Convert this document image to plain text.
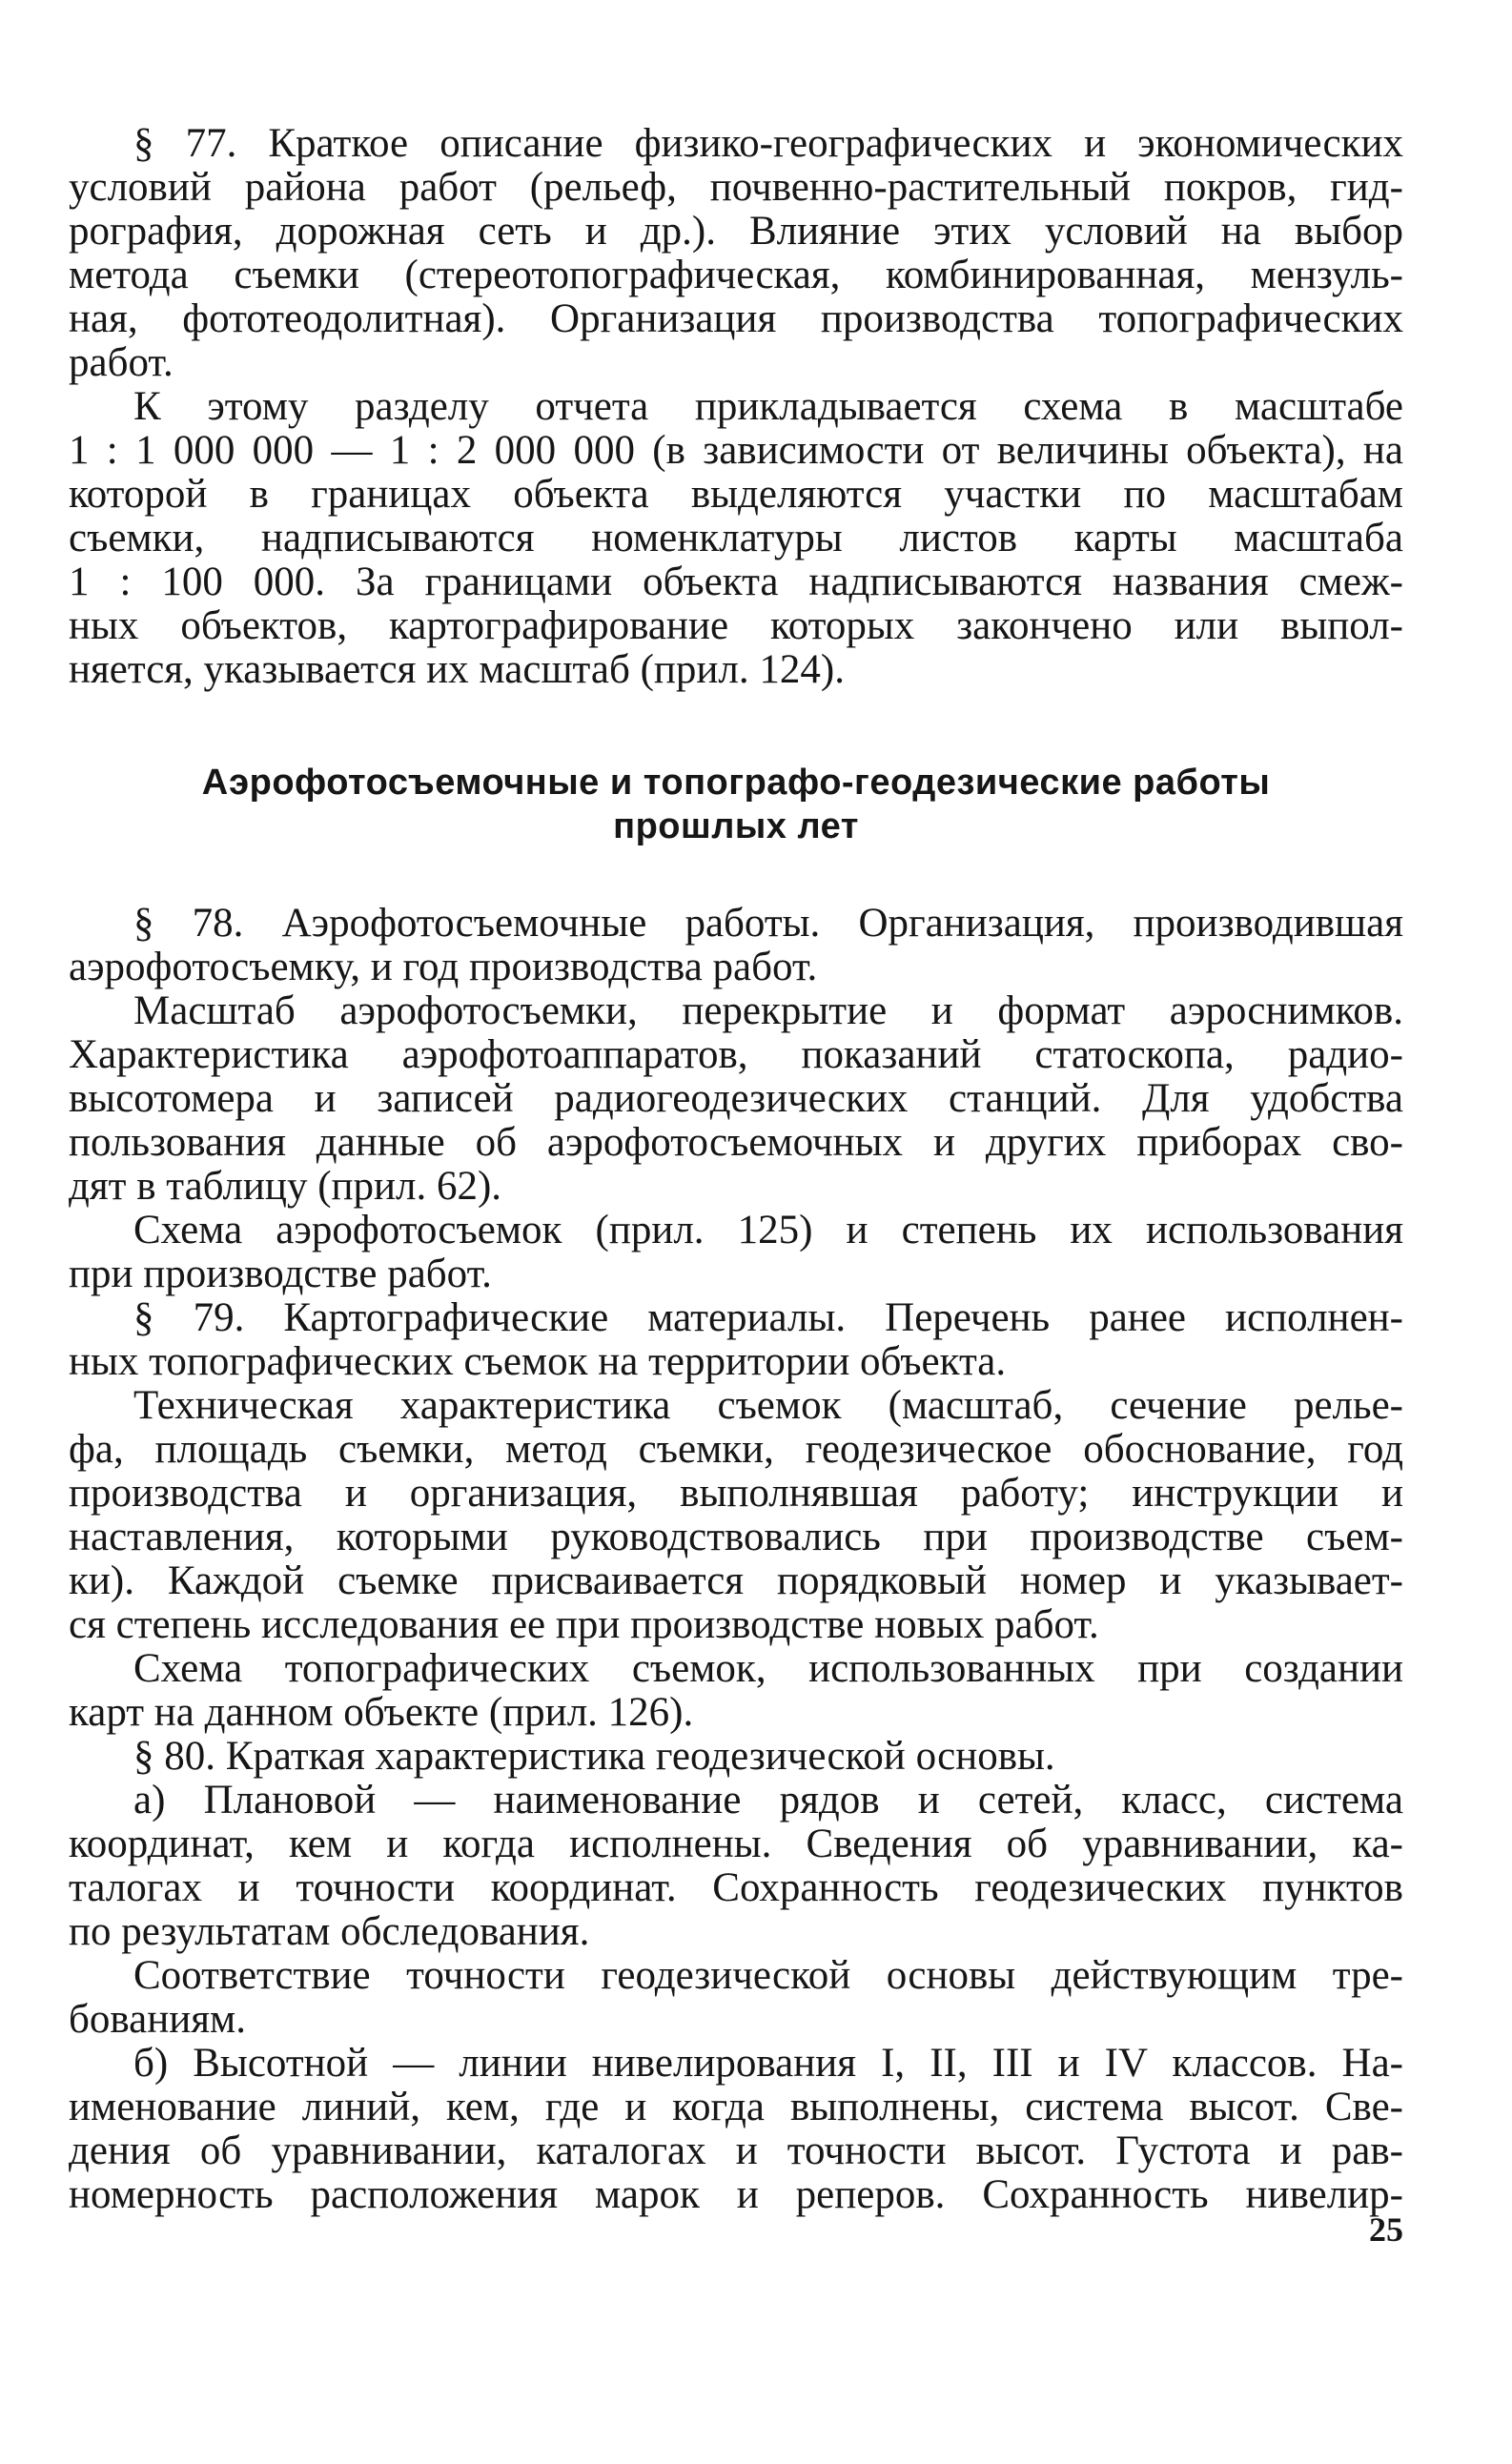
§ 77. Краткое описание физико-географических и экономических
условий района работ (рельеф, почвенно-растительный покров, гид-
рография, дорожная сеть и др.). Влияние этих условий на выбор
метода съемки (стереотопографическая, комбинированная, мензуль-
ная, фототеодолитная). Организация производства топографических
работ.

К этому разделу отчета прикладывается схема в масштабе
1 : 1 000 000 — 1 : 2 000 000 (в зависимости от величины объекта), на
которой в границах объекта выделяются участки по масштабам
съемки, надписываются номенклатуры листов карты масштаба
1 : 100 000. За границами объекта надписываются названия смеж-
ных объектов, картографирование которых закончено или выпол-
няется, указывается их масштаб (прил. 124).

Аэрофотосъемочные и топографо-геодезические работы
прошлых лет

§ 78. Аэрофотосъемочные работы. Организация, производившая
аэрофотосъемку, и год производства работ.

Масштаб аэрофотосъемки, перекрытие и формат аэроснимков.
Характеристика аэрофотоаппаратов, показаний статоскопа, радио-
высотомера и записей радиогеодезических станций. Для удобства
пользования данные об аэрофотосъемочных и других приборах сво-
дят в таблицу (прил. 62).

Схема аэрофотосъемок (прил. 125) и степень их использования
при производстве работ.

§ 79. Картографические материалы. Перечень ранее исполнен-
ных топографических съемок на территории объекта.

Техническая характеристика съемок (масштаб, сечение релье-
фа, площадь съемки, метод съемки, геодезическое обоснование, год
производства и организация, выполнявшая работу; инструкции и
наставления, которыми руководствовались при производстве съем-
ки). Каждой съемке присваивается порядковый номер и указывает-
ся степень исследования ее при производстве новых работ.

Схема топографических съемок, использованных при создании
карт на данном объекте (прил. 126).

§ 80. Краткая характеристика геодезической основы.

а) Плановой — наименование рядов и сетей, класс, система
координат, кем и когда исполнены. Сведения об уравнивании, ка-
талогах и точности координат. Сохранность геодезических пунктов
по результатам обследования.

Соответствие точности геодезической основы действующим тре-
бованиям.

б) Высотной — линии нивелирования I, II, III и IV классов. На-
именование линий, кем, где и когда выполнены, система высот. Све-
дения об уравнивании, каталогах и точности высот. Густота и рав-
номерность расположения марок и реперов. Сохранность нивелир-

25
